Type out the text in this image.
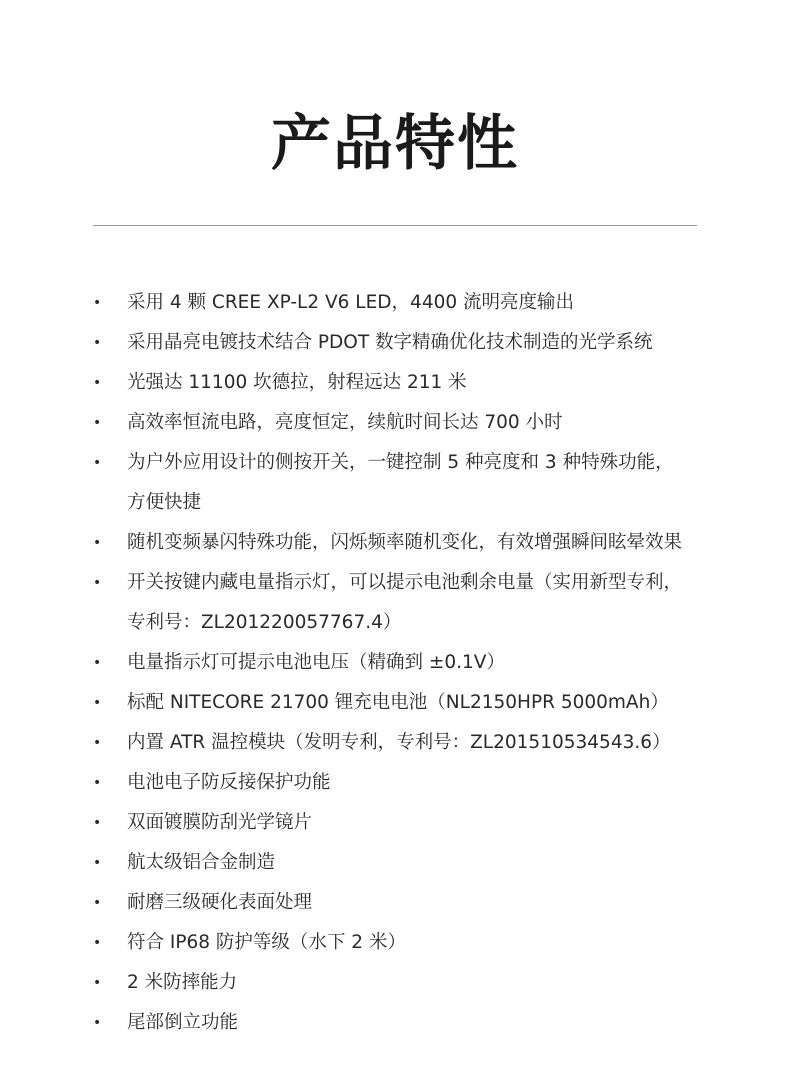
产品特性
• 采用 4 颗 CREE XP-L2 V6 LED，4400 流明亮度输出
• 采用晶亮电镀技术结合 PDOT 数字精确优化技术制造的光学系统
• 光强达 11100 坎德拉，射程远达 211 米
• 高效率恒流电路，亮度恒定，续航时间长达 700 小时
• 为户外应用设计的侧按开关，一键控制 5 种亮度和 3 种特殊功能，
方便快捷
• 随机变频暴闪特殊功能，闪烁频率随机变化，有效增强瞬间眩晕效果
• 开关按键内藏电量指示灯，可以提示电池剩余电量（实用新型专利，
专利号：ZL201220057767.4）
• 电量指示灯可提示电池电压（精确到 ±0.1V）
• 标配 NITECORE 21700 锂充电电池（NL2150HPR 5000mAh）
• 内置 ATR 温控模块（发明专利，专利号：ZL201510534543.6）
• 电池电子防反接保护功能
• 双面镀膜防刮光学镜片
• 航太级铝合金制造
• 耐磨三级硬化表面处理
• 符合 IP68 防护等级（水下 2 米）
• 2 米防摔能力
• 尾部倒立功能
